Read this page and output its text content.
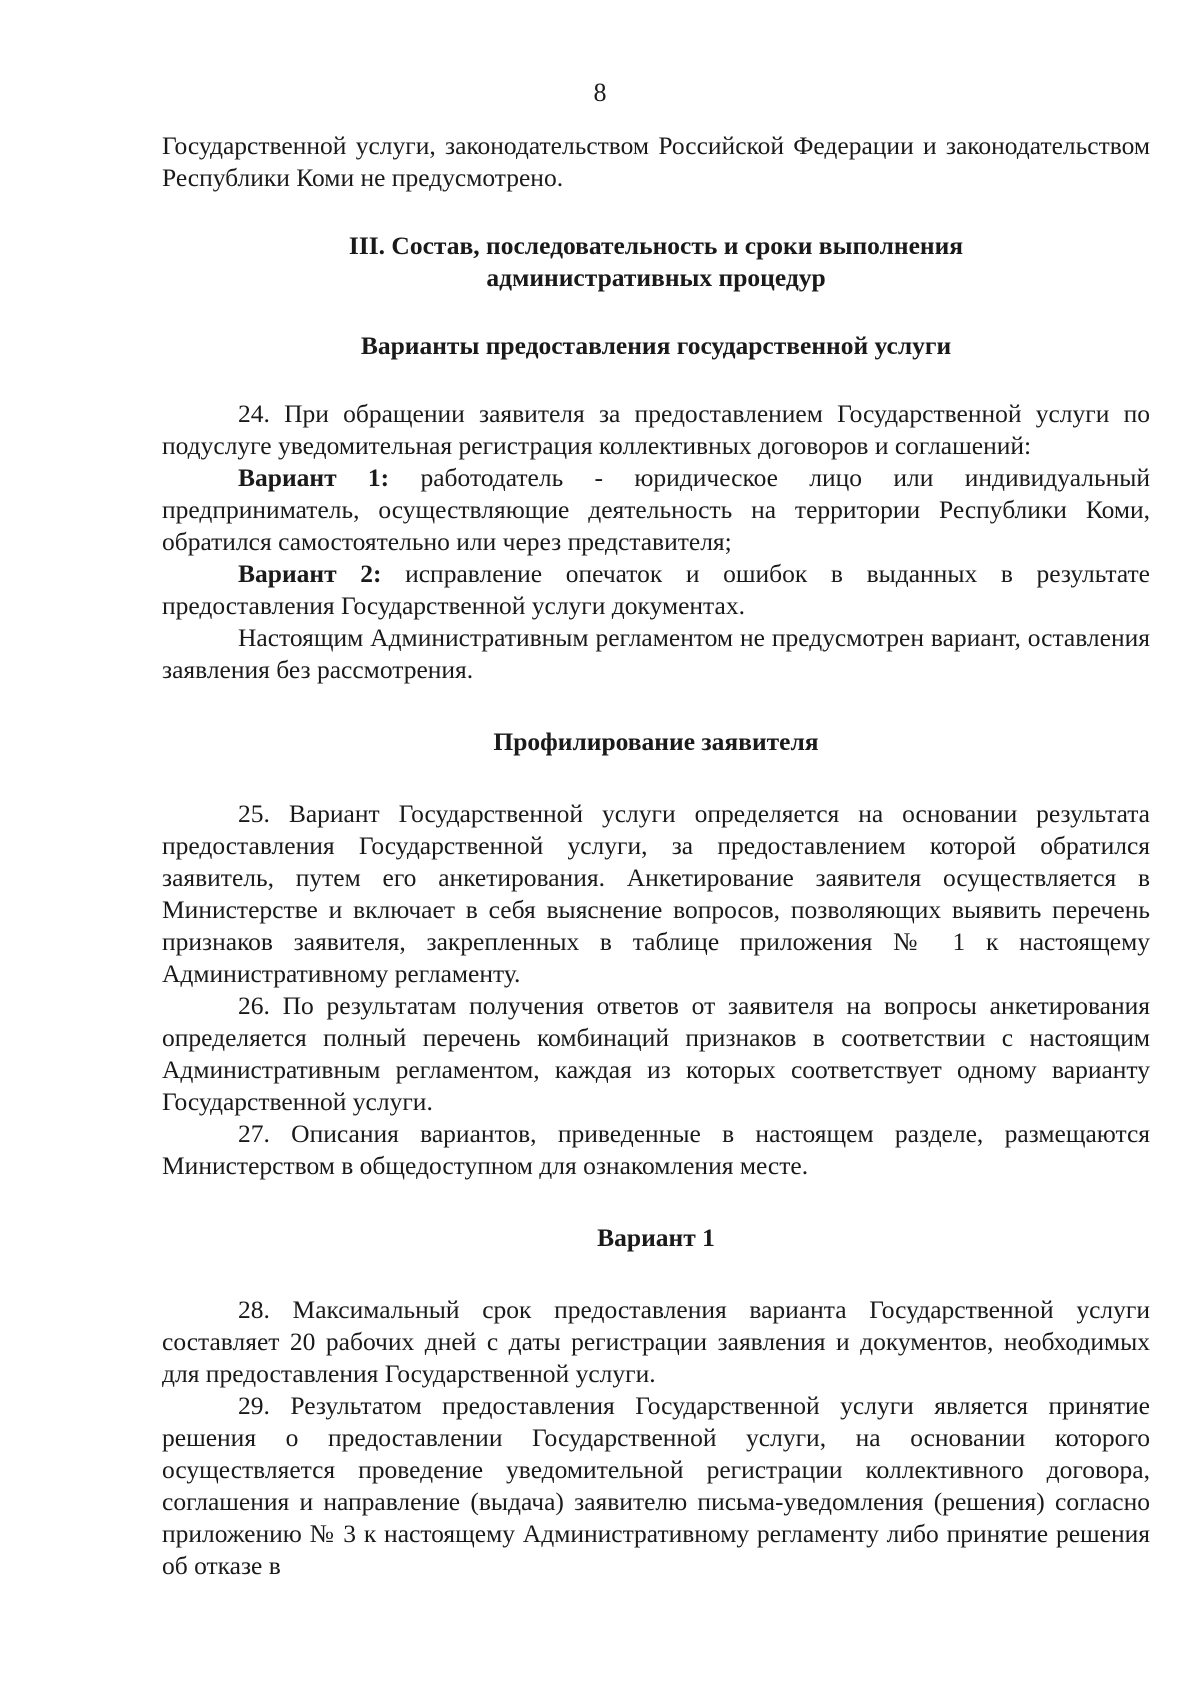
8

Государственной услуги, законодательством Российской Федерации и законодательством Республики Коми не предусмотрено.

III. Состав, последовательность и сроки выполнения
административных процедур
Варианты предоставления государственной услуги

24. При обращении заявителя за предоставлением Государственной услуги по подуслуге уведомительная регистрация коллективных договоров и соглашений:

Вариант 1: работодатель - юридическое лицо или индивидуальный предприниматель, осуществляющие деятельность на территории Республики Коми, обратился самостоятельно или через представителя;

Вариант 2: исправление опечаток и ошибок в выданных в результате предоставления Государственной услуги документах.

Настоящим Административным регламентом не предусмотрен вариант, оставления заявления без рассмотрения.

Профилирование заявителя

25. Вариант Государственной услуги определяется на основании результата предоставления Государственной услуги, за предоставлением которой обратился заявитель, путем его анкетирования. Анкетирование заявителя осуществляется в Министерстве и включает в себя выяснение вопросов, позволяющих выявить перечень признаков заявителя, закрепленных в таблице приложения № 1 к настоящему Административному регламенту.

26. По результатам получения ответов от заявителя на вопросы анкетирования определяется полный перечень комбинаций признаков в соответствии с настоящим Административным регламентом, каждая из которых соответствует одному варианту Государственной услуги.

27. Описания вариантов, приведенные в настоящем разделе, размещаются Министерством в общедоступном для ознакомления месте.

Вариант 1

28. Максимальный срок предоставления варианта Государственной услуги составляет 20 рабочих дней с даты регистрации заявления и документов, необходимых для предоставления Государственной услуги.

29. Результатом предоставления Государственной услуги является принятие решения о предоставлении Государственной услуги, на основании которого осуществляется проведение уведомительной регистрации коллективного договора, соглашения и направление (выдача) заявителю письма-уведомления (решения) согласно приложению № 3 к настоящему Административному регламенту либо принятие решения об отказе в
